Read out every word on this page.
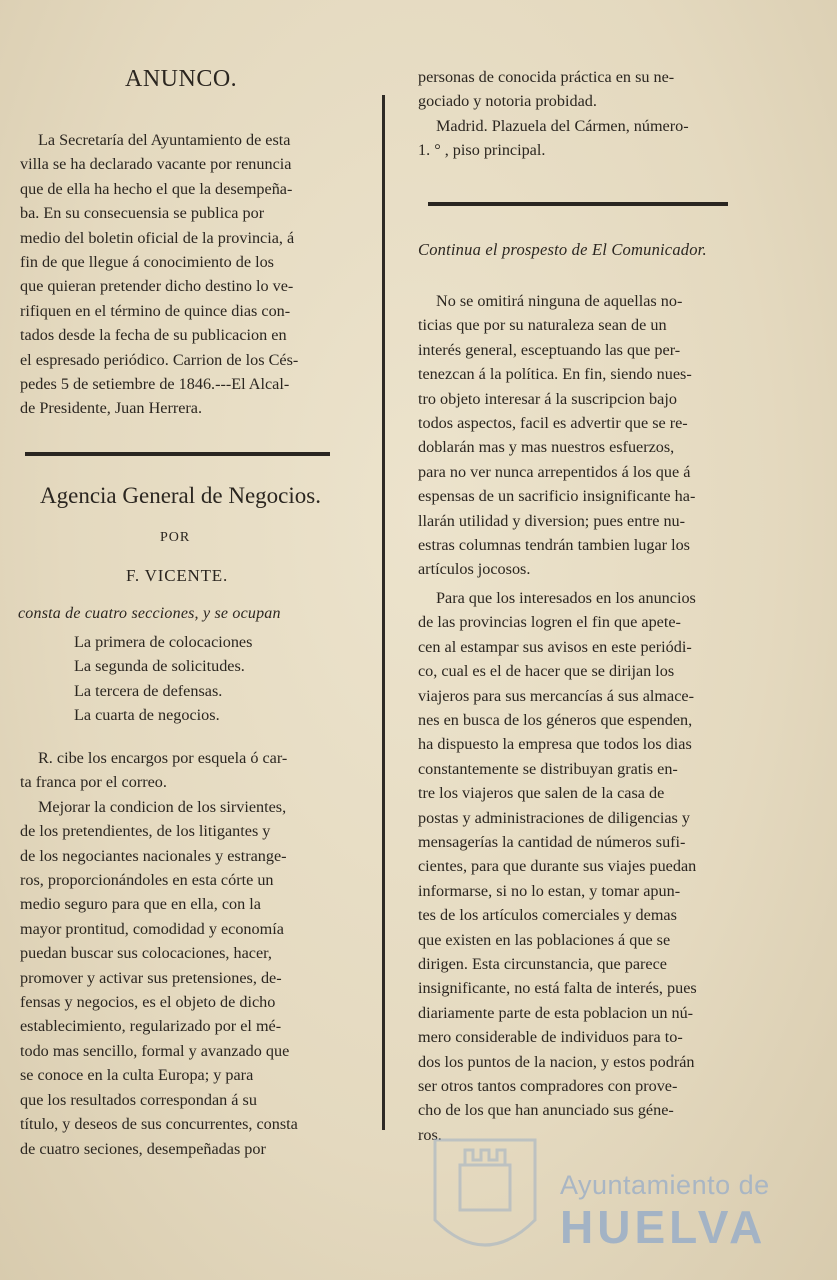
ANUNCO.
La Secretaría del Ayuntamiento de esta
villa se ha declarado vacante por renuncia
que de ella ha hecho el que la desempeña-
ba. En su consecuensia se publica por
medio del boletin oficial de la provincia, á
fin de que llegue á conocimiento de los
que quieran pretender dicho destino lo ve-
rifiquen en el término de quince dias con-
tados desde la fecha de su publicacion en
el espresado periódico. Carrion de los Cés-
pedes 5 de setiembre de 1846.---El Alcal-
de Presidente, Juan Herrera.
Agencia General de Negocios.
POR
F. VICENTE.
consta de cuatro secciones, y se ocupan
La primera de colocaciones
La segunda de solicitudes.
La tercera de defensas.
La cuarta de negocios.
R. cibe los encargos por esquela ó car-
ta franca por el correo.
Mejorar la condicion de los sirvientes,
de los pretendientes, de los litigantes y
de los negociantes nacionales y estrange-
ros, proporcionándoles en esta córte un
medio seguro para que en ella, con la
mayor prontitud, comodidad y economía
puedan buscar sus colocaciones, hacer,
promover y activar sus pretensiones, de-
fensas y negocios, es el objeto de dicho
establecimiento, regularizado por el mé-
todo mas sencillo, formal y avanzado que
se conoce en la culta Europa; y para
que los resultados correspondan á su
título, y deseos de sus concurrentes, consta
de cuatro seciones, desempeñadas por
personas de conocida práctica en su ne-
gociado y notoria probidad.
Madrid. Plazuela del Cármen, número-
1. ° , piso principal.
Continua el prospesto de El Comunicador.
No se omitirá ninguna de aquellas no-
ticias que por su naturaleza sean de un
interés general, esceptuando las que per-
tenezcan á la política. En fin, siendo nues-
tro objeto interesar á la suscripcion bajo
todos aspectos, facil es advertir que se re-
doblarán mas y mas nuestros esfuerzos,
para no ver nunca arrepentidos á los que á
espensas de un sacrificio insignificante ha-
llarán utilidad y diversion; pues entre nu-
estras columnas tendrán tambien lugar los
artículos jocosos.
Para que los interesados en los anuncios
de las provincias logren el fin que apete-
cen al estampar sus avisos en este periódi-
co, cual es el de hacer que se dirijan los
viajeros para sus mercancías á sus almace-
nes en busca de los géneros que espenden,
ha dispuesto la empresa que todos los dias
constantemente se distribuyan gratis en-
tre los viajeros que salen de la casa de
postas y administraciones de diligencias y
mensagerías la cantidad de números sufi-
cientes, para que durante sus viajes puedan
informarse, si no lo estan, y tomar apun-
tes de los artículos comerciales y demas
que existen en las poblaciones á que se
dirigen. Esta circunstancia, que parece
insignificante, no está falta de interés, pues
diariamente parte de esta poblacion un nú-
mero considerable de individuos para to-
dos los puntos de la nacion, y estos podrán
ser otros tantos compradores con prove-
cho de los que han anunciado sus géne-
ros.
Ayuntamiento de
HUELVA
